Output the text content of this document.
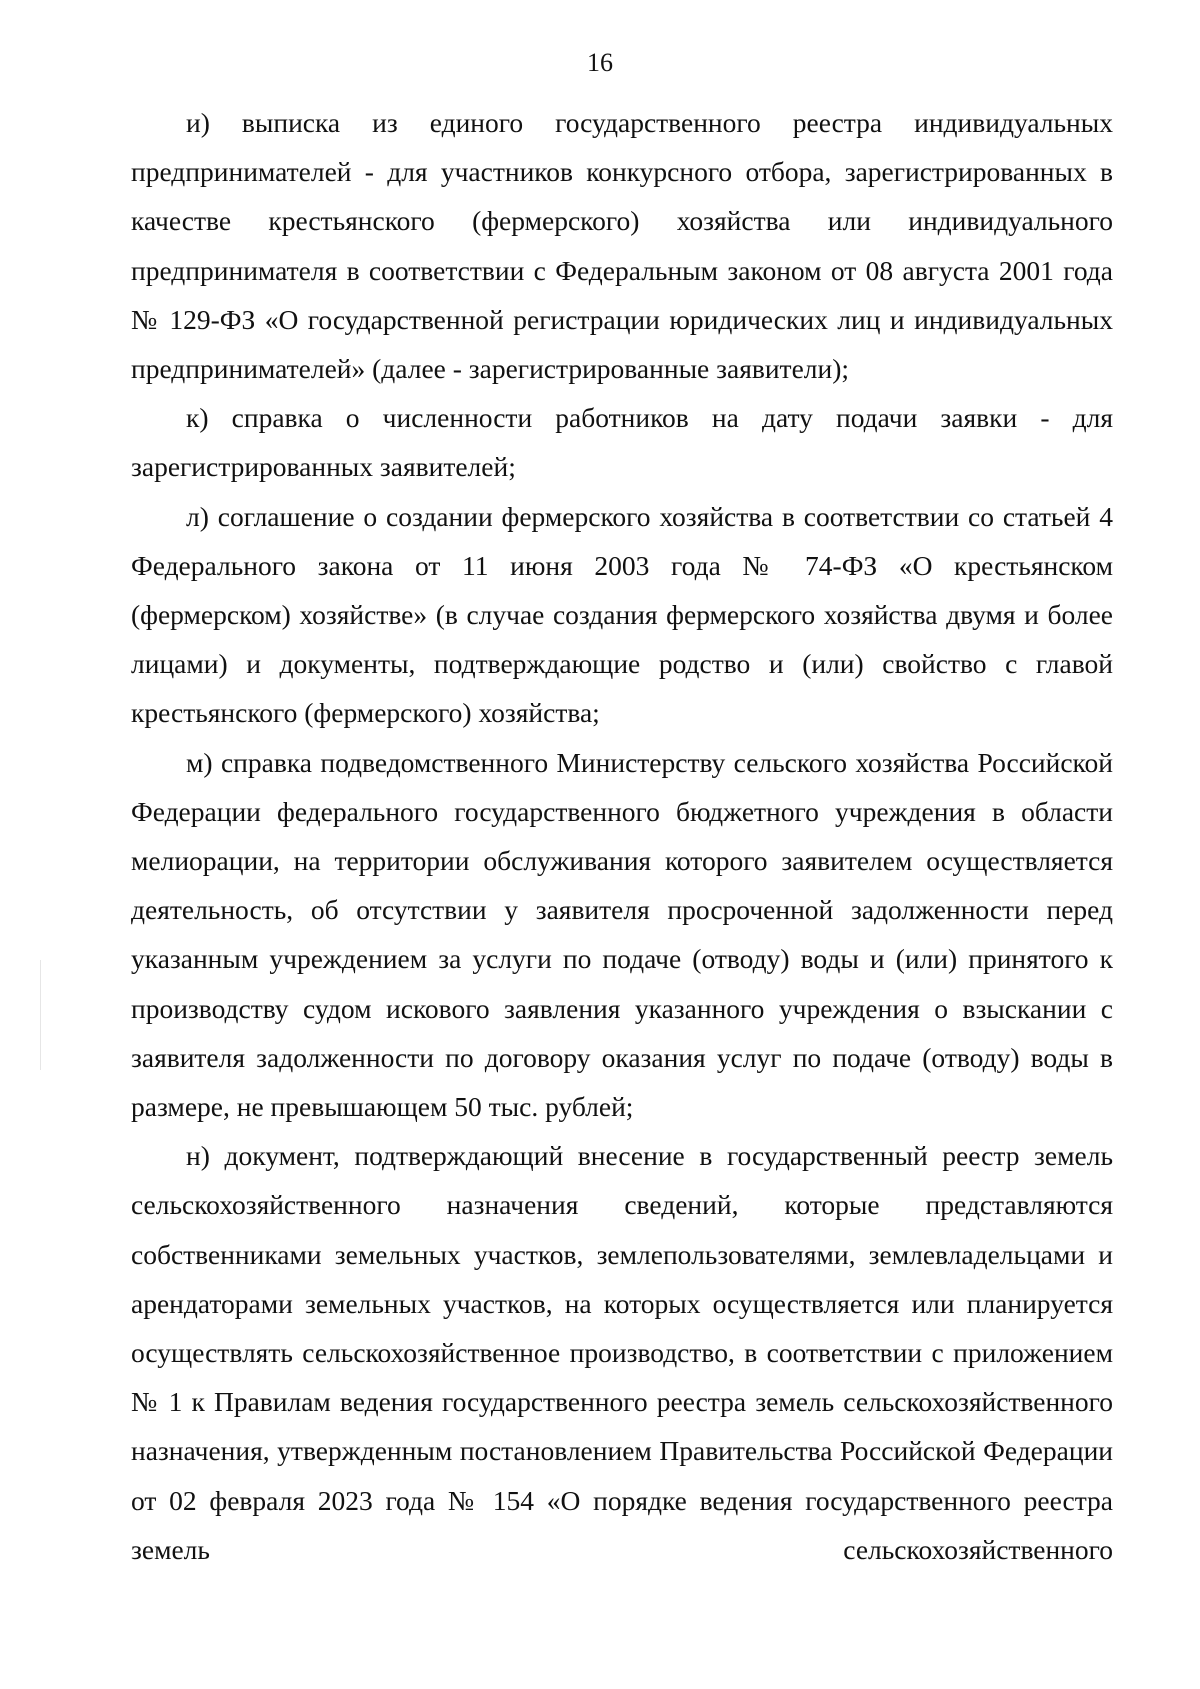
16

и) выписка из единого государственного реестра индивидуальных предпринимателей - для участников конкурсного отбора, зарегистрированных в качестве крестьянского (фермерского) хозяйства или индивидуального предпринимателя в соответствии с Федеральным законом от 08 августа 2001 года № 129-ФЗ «О государственной регистрации юридических лиц и индивидуальных предпринимателей» (далее - зарегистрированные заявители);

к) справка о численности работников на дату подачи заявки - для зарегистрированных заявителей;

л) соглашение о создании фермерского хозяйства в соответствии со статьей 4 Федерального закона от 11 июня 2003 года № 74-ФЗ «О крестьянском (фермерском) хозяйстве» (в случае создания фермерского хозяйства двумя и более лицами) и документы, подтверждающие родство и (или) свойство с главой крестьянского (фермерского) хозяйства;

м) справка подведомственного Министерству сельского хозяйства Российской Федерации федерального государственного бюджетного учреждения в области мелиорации, на территории обслуживания которого заявителем осуществляется деятельность, об отсутствии у заявителя просроченной задолженности перед указанным учреждением за услуги по подаче (отводу) воды и (или) принятого к производству судом искового заявления указанного учреждения о взыскании с заявителя задолженности по договору оказания услуг по подаче (отводу) воды в размере, не превышающем 50 тыс. рублей;

н) документ, подтверждающий внесение в государственный реестр земель сельскохозяйственного назначения сведений, которые представляются собственниками земельных участков, землепользователями, землевладельцами и арендаторами земельных участков, на которых осуществляется или планируется осуществлять сельскохозяйственное производство, в соответствии с приложением № 1 к Правилам ведения государственного реестра земель сельскохозяйственного назначения, утвержденным постановлением Правительства Российской Федерации от 02 февраля 2023 года № 154 «О порядке ведения государственного реестра земель сельскохозяйственного
